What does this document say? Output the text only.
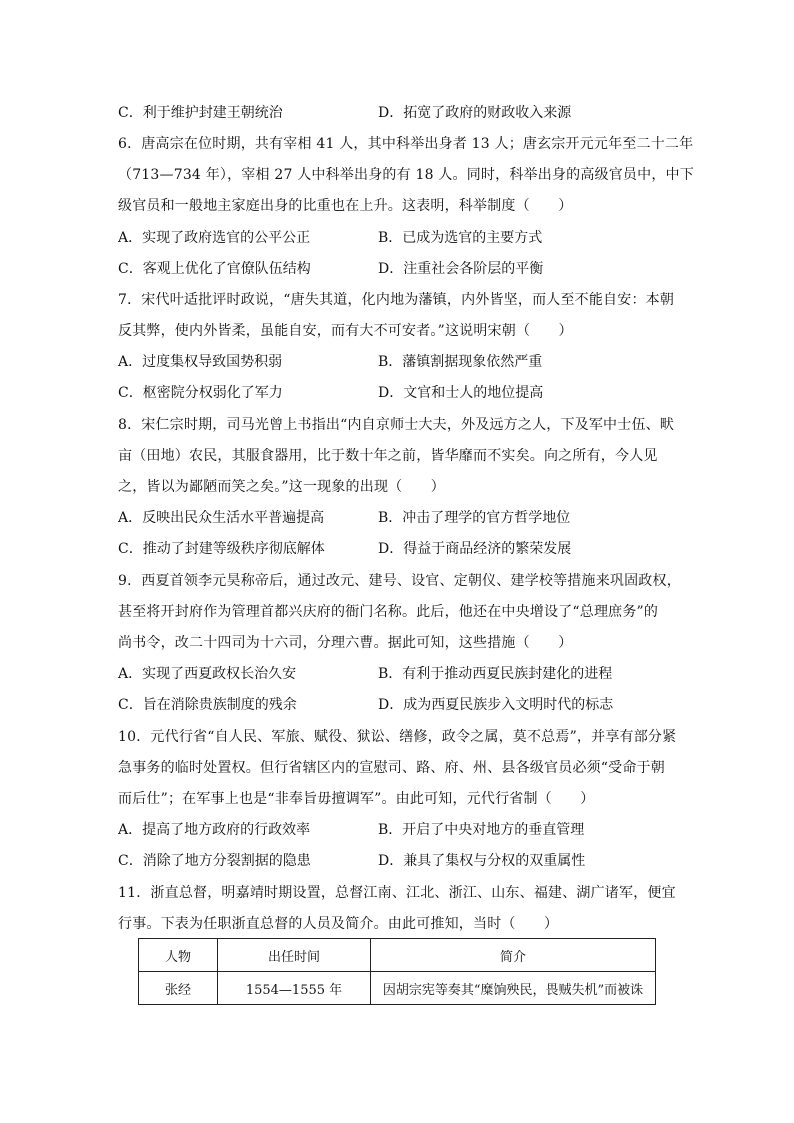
C．利于维护封建王朝统治	D．拓宽了政府的财政收入来源
6．唐高宗在位时期，共有宰相 41 人，其中科举出身者 13 人；唐玄宗开元元年至二十二年
（713—734 年），宰相 27 人中科举出身的有 18 人。同时，科举出身的高级官员中，中下
级官员和一般地主家庭出身的比重也在上升。这表明，科举制度（　　）
A．实现了政府选官的公平公正	B．已成为选官的主要方式
C．客观上优化了官僚队伍结构	D．注重社会各阶层的平衡
7．宋代叶适批评时政说，“唐失其道，化内地为藩镇，内外皆坚，而人至不能自安：本朝
反其弊，使内外皆柔，虽能自安，而有大不可安者。”这说明宋朝（　　）
A．过度集权导致国势积弱	B．藩镇割据现象依然严重
C．枢密院分权弱化了军力	D．文官和士人的地位提高
8．宋仁宗时期，司马光曾上书指出“内自京师士大夫，外及远方之人，下及军中士伍、畎
亩（田地）农民，其服食器用，比于数十年之前，皆华靡而不实矣。向之所有，今人见
之，皆以为鄙陋而笑之矣。”这一现象的出现（　　）
A．反映出民众生活水平普遍提高	B．冲击了理学的官方哲学地位
C．推动了封建等级秩序彻底解体	D．得益于商品经济的繁荣发展
9．西夏首领李元昊称帝后，通过改元、建号、设官、定朝仪、建学校等措施来巩固政权，
甚至将开封府作为管理首都兴庆府的衙门名称。此后，他还在中央增设了“总理庶务”的
尚书令，改二十四司为十六司，分理六曹。据此可知，这些措施（　　）
A．实现了西夏政权长治久安	B．有利于推动西夏民族封建化的进程
C．旨在消除贵族制度的残余	D．成为西夏民族步入文明时代的标志
10．元代行省“自人民、军旅、赋役、狱讼、缮修，政令之属，莫不总焉”，并享有部分紧
急事务的临时处置权。但行省辖区内的宣慰司、路、府、州、县各级官员必须“受命于朝
而后仕”；在军事上也是“非奉旨毋擅调军”。由此可知，元代行省制（　　）
A．提高了地方政府的行政效率	B．开启了中央对地方的垂直管理
C．消除了地方分裂割据的隐患	D．兼具了集权与分权的双重属性
11．浙直总督，明嘉靖时期设置，总督江南、江北、浙江、山东、福建、湖广诸军，便宜
行事。下表为任职浙直总督的人员及简介。由此可推知，当时（　　）
人物	出任时间	简介
张经	1554—1555 年	因胡宗宪等奏其“糜饷殃民，畏贼失机”而被诛
